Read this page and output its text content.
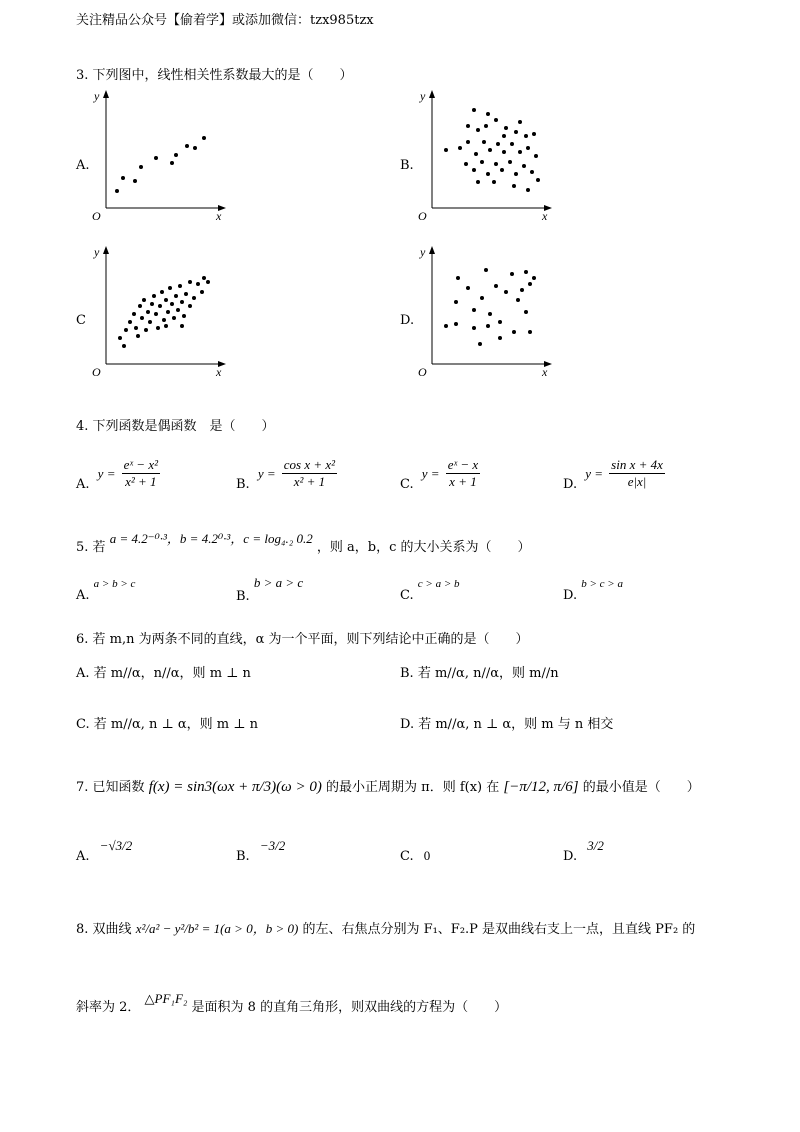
关注精品公众号【偷着学】或添加微信：tzx985tzx
3. 下列图中，线性相关性系数最大的是（　　）
A.	B.
C	D.
y
x
O
y
x
O
y
x
O
y
x
O
4. 下列函数是偶函数　是（　　）
A. $y = \frac{\text{eˣ − x²}}{\text{x² + 1}}$	B. $y = \frac{\text{cos x + x²}}{\text{x² + 1}}$	C. $y = \frac{\text{eˣ − x}}{x + 1}$	D. $y = \frac{\text{sin x + 4x}}{e|x|}$
5. 若 a = 4.2⁻⁰·³，b = 4.2⁰·³，c = log₄.₂ 0.2 ，则 a，b，c 的大小关系为（　　）
A. a > b > c
B. b > a > c
C. c > a > b
D. b > c > a
6. 若 m,n 为两条不同的直线，α 为一个平面，则下列结论中正确的是（　　）
A. 若 m//α，n//α，则 m ⊥ n	B. 若 m//α, n//α，则 m//n
C. 若 m//α, n ⊥ α，则 m ⊥ n	D. 若 m//α, n ⊥ α，则 m 与 n 相交
7. 已知函数 f(x) = sin3(ωx + π/3)(ω > 0) 的最小正周期为 π．则 f(x) 在 [−π/12, π/6] 的最小值是（　　）
A. −√3/2
B. −3/2
C. 0	D. 3/2
8. 双曲线 x²/a² − y²/b² = 1(a > 0，b > 0) 的左、右焦点分别为 F₁、F₂.P 是双曲线右支上一点，且直线 PF₂ 的
斜率为 2． △PF₁F₂ 是面积为 8 的直角三角形，则双曲线的方程为（　　）
